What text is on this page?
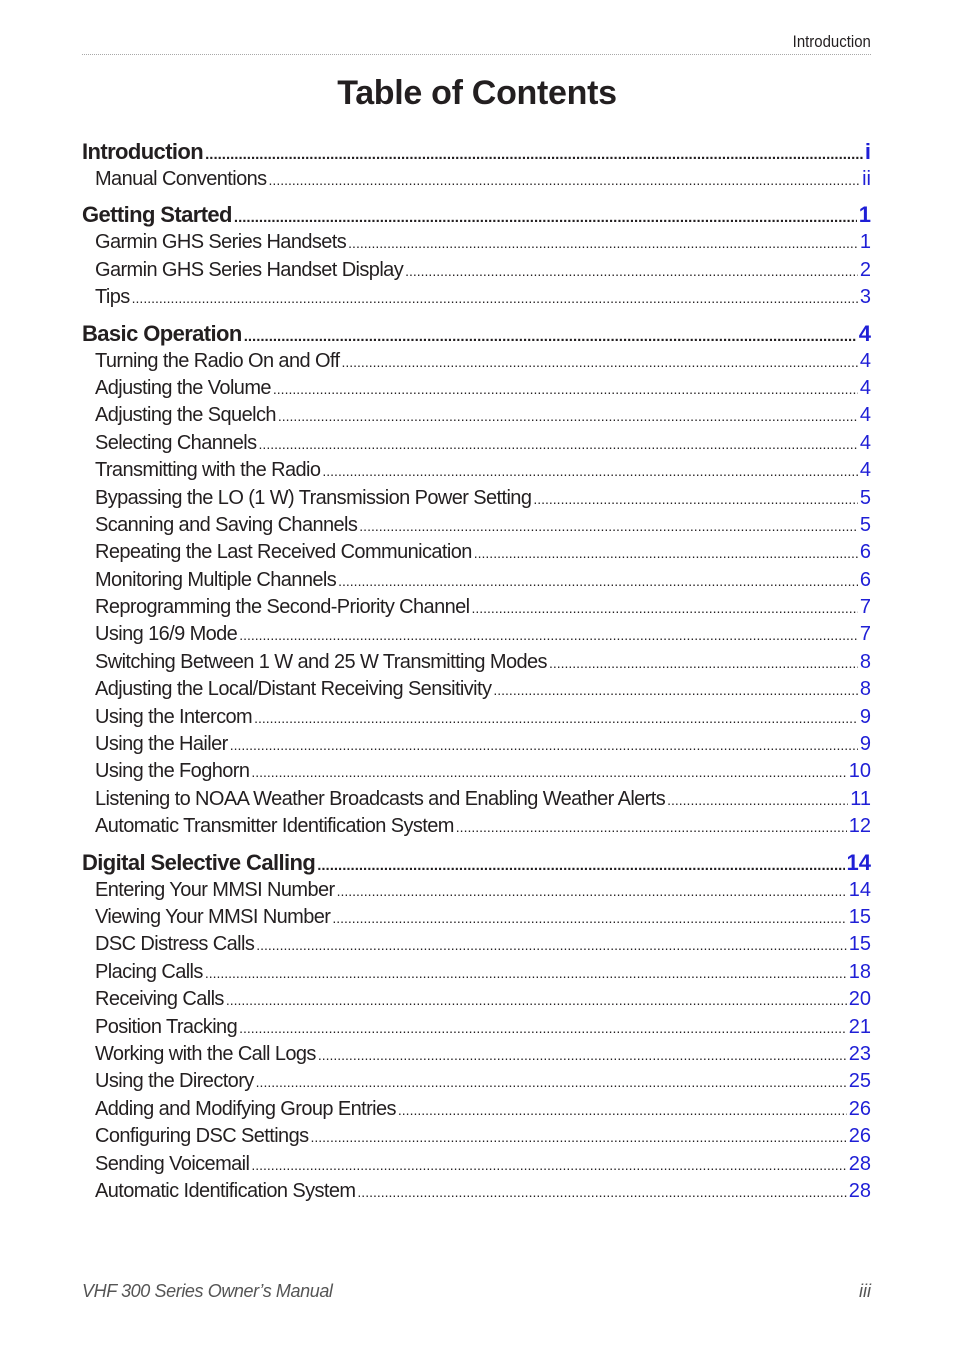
Introduction
Table of Contents
Introduction .....	i
Manual Conventions .....	ii
Getting Started .....	1
Garmin GHS Series Handsets .....	1
Garmin GHS Series Handset Display .....	2
Tips .....	3
Basic Operation .....	4
Turning the Radio On and Off .....	4
Adjusting the Volume .....	4
Adjusting the Squelch .....	4
Selecting Channels .....	4
Transmitting with the Radio .....	4
Bypassing the LO (1 W) Transmission Power Setting .....	5
Scanning and Saving Channels .....	5
Repeating the Last Received Communication .....	6
Monitoring Multiple Channels .....	6
Reprogramming the Second-Priority Channel .....	7
Using 16/9 Mode .....	7
Switching Between 1 W and 25 W Transmitting Modes .....	8
Adjusting the Local/Distant Receiving Sensitivity .....	8
Using the Intercom .....	9
Using the Hailer .....	9
Using the Foghorn .....	10
Listening to NOAA Weather Broadcasts and Enabling Weather Alerts .....	11
Automatic Transmitter Identification System .....	12
Digital Selective Calling .....	14
Entering Your MMSI Number .....	14
Viewing Your MMSI Number .....	15
DSC Distress Calls .....	15
Placing Calls .....	18
Receiving Calls .....	20
Position Tracking .....	21
Working with the Call Logs .....	23
Using the Directory .....	25
Adding and Modifying Group Entries .....	26
Configuring DSC Settings .....	26
Sending Voicemail .....	28
Automatic Identification System .....	28
VHF 300 Series Owner’s Manual	iii
